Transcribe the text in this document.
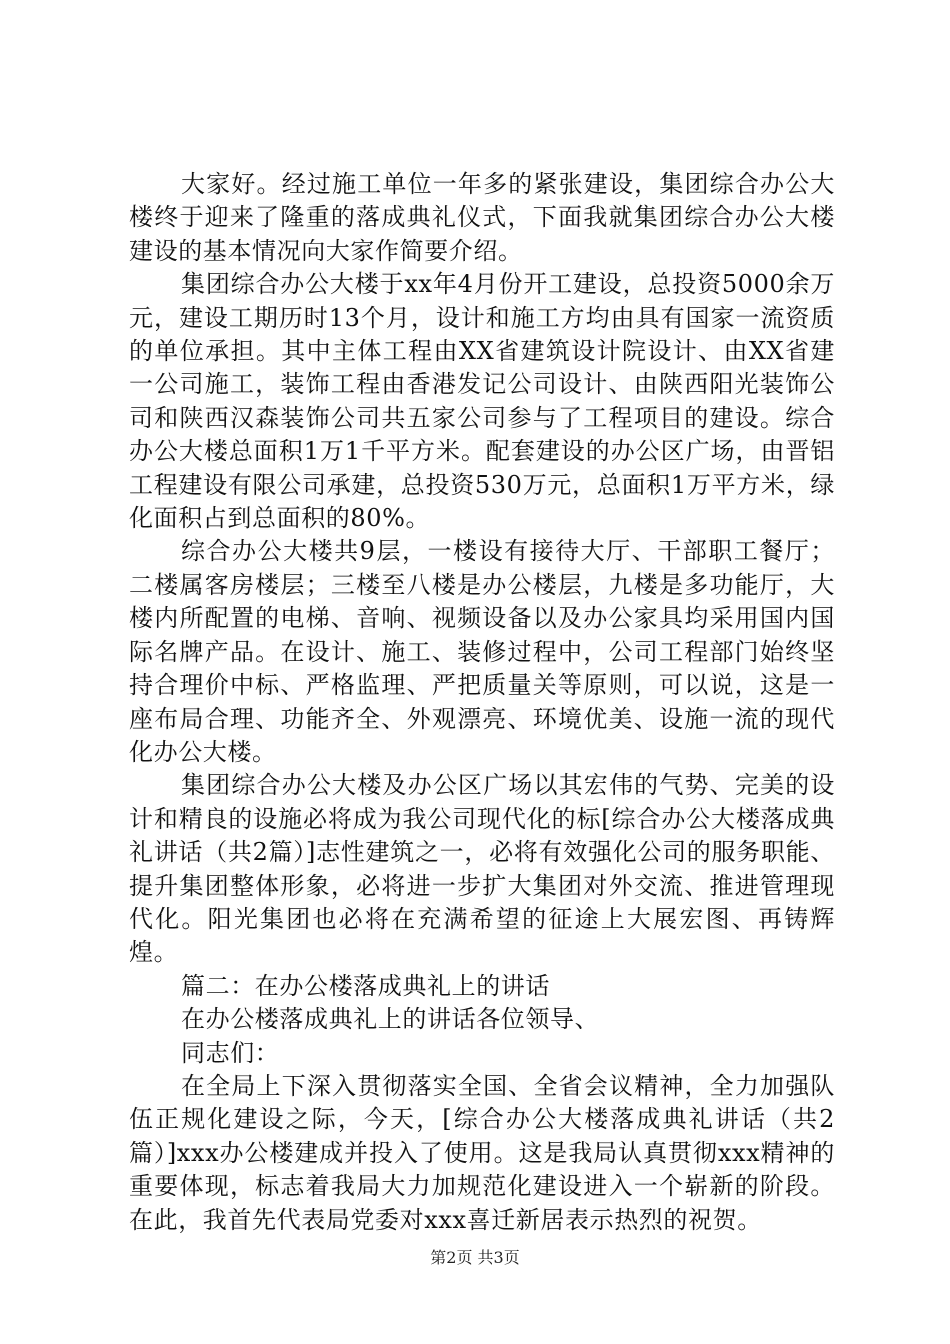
大家好。经过施工单位一年多的紧张建设，集团综合办公大楼终于迎来了隆重的落成典礼仪式，下面我就集团综合办公大楼建设的基本情况向大家作简要介绍。

集团综合办公大楼于xx年4月份开工建设，总投资5000余万元，建设工期历时13个月，设计和施工方均由具有国家一流资质的单位承担。其中主体工程由XX省建筑设计院设计、由XX省建一公司施工，装饰工程由香港发记公司设计、由陕西阳光装饰公司和陕西汉森装饰公司共五家公司参与了工程项目的建设。综合办公大楼总面积1万1千平方米。配套建设的办公区广场，由晋铝工程建设有限公司承建，总投资530万元，总面积1万平方米，绿化面积占到总面积的80%。

综合办公大楼共9层，一楼设有接待大厅、干部职工餐厅；二楼属客房楼层；三楼至八楼是办公楼层，九楼是多功能厅，大楼内所配置的电梯、音响、视频设备以及办公家具均采用国内国际名牌产品。在设计、施工、装修过程中，公司工程部门始终坚持合理价中标、严格监理、严把质量关等原则，可以说，这是一座布局合理、功能齐全、外观漂亮、环境优美、设施一流的现代化办公大楼。

集团综合办公大楼及办公区广场以其宏伟的气势、完美的设计和精良的设施必将成为我公司现代化的标[综合办公大楼落成典礼讲话（共2篇）]志性建筑之一，必将有效强化公司的服务职能、提升集团整体形象，必将进一步扩大集团对外交流、推进管理现代化。阳光集团也必将在充满希望的征途上大展宏图、再铸辉煌。

篇二：在办公楼落成典礼上的讲话

在办公楼落成典礼上的讲话各位领导、

同志们：

在全局上下深入贯彻落实全国、全省会议精神，全力加强队伍正规化建设之际，今天，[综合办公大楼落成典礼讲话（共2篇）]xxx办公楼建成并投入了使用。这是我局认真贯彻xxx精神的重要体现，标志着我局大力加规范化建设进入一个崭新的阶段。在此，我首先代表局党委对xxx喜迁新居表示热烈的祝贺。

第2页 共3页
